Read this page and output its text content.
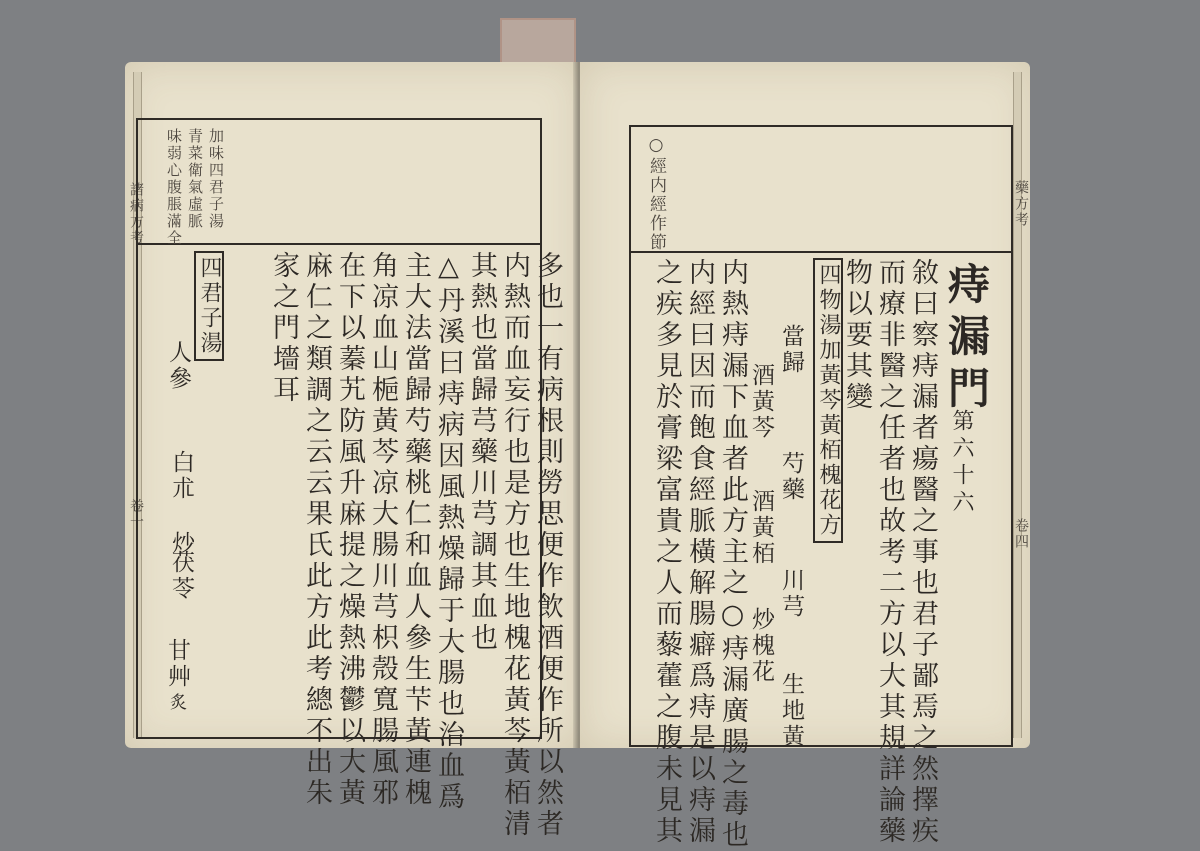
諸病方考
卷一
加味四君子湯
青菜衛氣虛脈
味弱心腹脹滿全
四君子湯
人參
白朮 炒
茯苓
甘艸
炙
家之門墻耳 麻仁之類調之云云果氏此方此考總不出朱 在下以蓁艽防風升麻提之燥熱沸鬱以大黃 角凉血山梔黃芩凉大腸川芎枳殼寬腸風邪 主大法當歸芍藥桃仁和血人參生芐黃連槐 △丹溪曰痔病因風熱燥歸于大腸也治血爲 其熱也當歸芎藥川芎調其血也 内熱而血妄行也是方也生地槐花黃芩黃栢清 多也一有病根則勞思便作飲酒便作所以然者
藥方考
卷四
○經内經作節
痔漏門
第六十六
敘曰察痔漏者瘍醫之事也君子鄙焉之然擇疾
而療非醫之任者也故考二方以大其規詳論藥
物以要其變
四物湯加黃芩黃栢槐花方
當歸
芍藥
川芎
酒黃芩
酒黃栢
炒槐花
生地黃
内熱痔漏下血者此方主之○痔漏廣腸之毒也
内經曰因而飽食經脈橫解腸癖爲痔是以痔漏
之疾多見於膏梁富貴之人而藜藿之腹未見其
